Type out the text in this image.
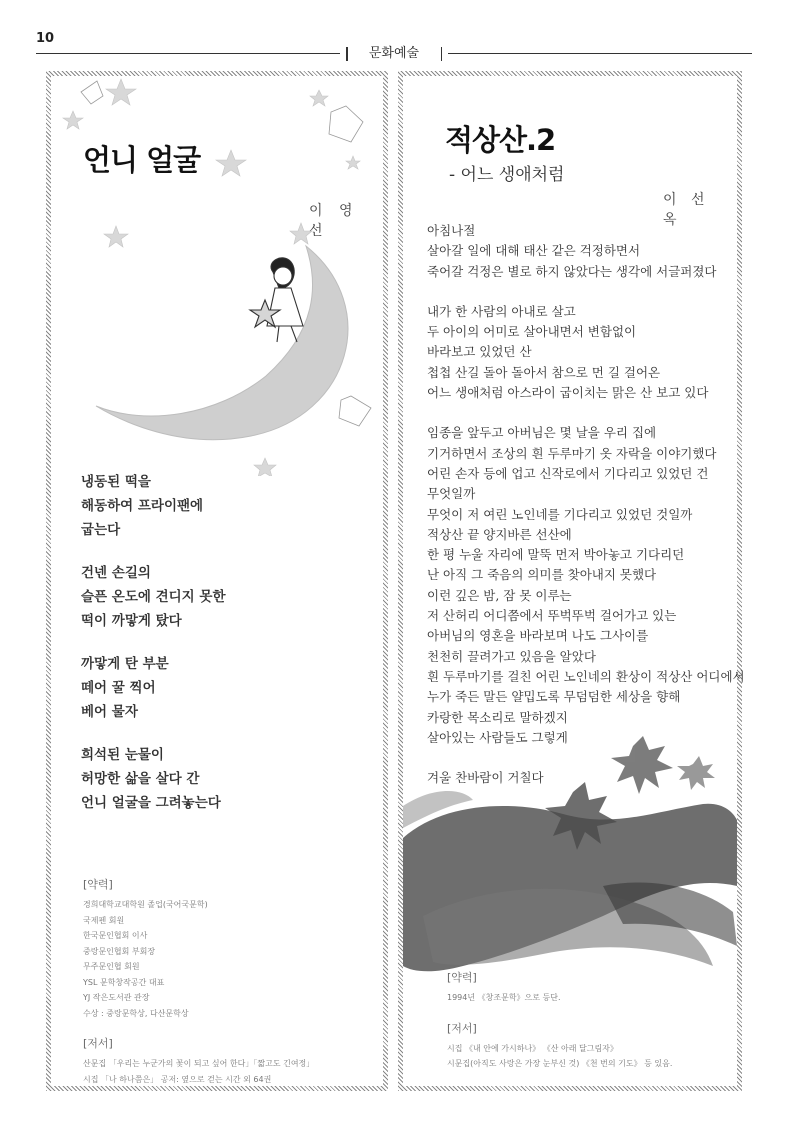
10
문화예술
언니 얼굴
이 영 선
냉동된 떡을
해동하여 프라이팬에
굽는다
건넨 손길의
슬픈 온도에 견디지 못한
떡이 까맣게 탔다
까맣게 탄 부분
떼어 꿀 찍어
베어 물자
희석된 눈물이
허망한 삶을 살다 간
언니 얼굴을 그려놓는다
[약력]
경희대학교대학원 졸업(국어국문학)
국제펜 회원
한국문인협회 이사
중랑문인협회 부회장
무주문인협 회원
YSL 문학창작공간 대표
YJ 작은도서관 관장
수상 : 중랑문학상, 다산문학상
[저서]
산문집 「우리는 누군가의 꽃이 되고 싶어 한다」「짧고도 긴여정」
시집 「나 하나쯤은」 공저: 옆으로 걷는 시간 외 64권
적상산.2
- 어느 생애처럼
이 선 옥
아침나절
살아갈 일에 대해 태산 같은 걱정하면서
죽어갈 걱정은 별로 하지 않았다는 생각에 서글퍼졌다
내가 한 사람의 아내로 살고
두 아이의 어미로 살아내면서 변함없이
바라보고 있었던 산
첩첩 산길 돌아 돌아서 참으로 먼 길 걸어온
어느 생애처럼 아스라이 굽이치는 맑은 산 보고 있다
임종을 앞두고 아버님은 몇 날을 우리 집에
기거하면서 조상의 흰 두루마기 옷 자락을 이야기했다
어린 손자 등에 업고 신작로에서 기다리고 있었던 건
무엇일까
무엇이 저 여린 노인네를 기다리고 있었던 것일까
적상산 끝 양지바른 선산에
한 평 누울 자리에 말뚝 먼저 박아놓고 기다리던
난 아직 그 죽음의 의미를 찾아내지 못했다
이런 깊은 밤, 잠 못 이루는
저 산허리 어디쯤에서 뚜벅뚜벅 걸어가고 있는
아버님의 영혼을 바라보며 나도 그사이를
천천히 끌려가고 있음을 알았다
흰 두루마기를 걸친 어린 노인네의 환상이 적상산 어디에서
누가 죽든 말든 얄밉도록 무덤덤한 세상을 향해
카랑한 목소리로 말하겠지
살아있는 사람들도 그렇게
겨울 찬바람이 거칠다
[약력]
1994년 《창조문학》으로 등단.
[저서]
시집 《내 안에 가시하나》 《산 아래 달그림자》
시문집(아직도 사랑은 가장 눈부신 것) 《천 번의 기도》 등 있음.
